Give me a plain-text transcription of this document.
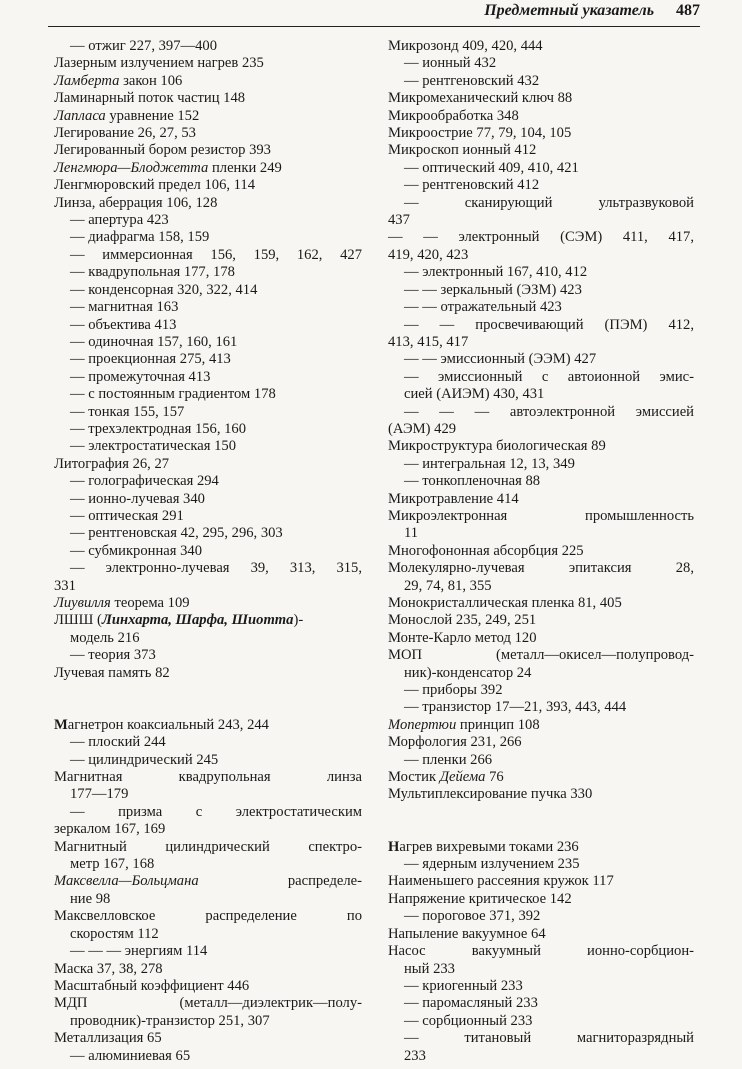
Предметный указатель 487
— отжиг 227, 397—400
Лазерным излучением нагрев 235
Ламберта закон 106
Ламинарный поток частиц 148
Лапласа уравнение 152
Легирование 26, 27, 53
Легированный бором резистор 393
Ленгмюра—Блоджетта пленки 249
Ленгмюровский предел 106, 114
Линза, аберрация 106, 128
— апертура 423
— диафрагма 158, 159
— иммерсионная 156, 159, 162, 427
— квадрупольная 177, 178
— конденсорная 320, 322, 414
— магнитная 163
— объектива 413
— одиночная 157, 160, 161
— проекционная 275, 413
— промежуточная 413
— с постоянным градиентом 178
— тонкая 155, 157
— трехэлектродная 156, 160
— электростатическая 150
Литография 26, 27
— голографическая 294
— ионно-лучевая 340
— оптическая 291
— рентгеновская 42, 295, 296, 303
— субмикронная 340
— электронно-лучевая 39, 313, 315,
331
Лиувилля теорема 109
ЛШШ (Линхарта, Шарфа, Шиотта)-
модель 216
— теория 373
Лучевая память 82
Магнетрон коаксиальный 243, 244
— плоский 244
— цилиндрический 245
Магнитная квадрупольная линза
177—179
— призма с электростатическим
зеркалом 167, 169
Магнитный цилиндрический спектро-
метр 167, 168
Максвелла—Больцмана распределе-
ние 98
Максвелловское распределение по
скоростям 112
— — — энергиям 114
Маска 37, 38, 278
Масштабный коэффициент 446
МДП (металл—диэлектрик—полу-
проводник)-транзистор 251, 307
Металлизация 65
— алюминиевая 65
Микрозонд 409, 420, 444
— ионный 432
— рентгеновский 432
Микромеханический ключ 88
Микрообработка 348
Микроострие 77, 79, 104, 105
Микроскоп ионный 412
— оптический 409, 410, 421
— рентгеновский 412
— сканирующий ультразвуковой
437
— — электронный (СЭМ) 411, 417,
419, 420, 423
— электронный 167, 410, 412
— — зеркальный (ЭЗМ) 423
— — отражательный 423
— — просвечивающий (ПЭМ) 412,
413, 415, 417
— — эмиссионный (ЭЭМ) 427
— эмиссионный с автоионной эмис-
сией (АИЭМ) 430, 431
— — — автоэлектронной эмиссией
(АЭМ) 429
Микроструктура биологическая 89
— интегральная 12, 13, 349
— тонкопленочная 88
Микротравление 414
Микроэлектронная промышленность
11
Многофононная абсорбция 225
Молекулярно-лучевая эпитаксия 28,
29, 74, 81, 355
Монокристаллическая пленка 81, 405
Монослой 235, 249, 251
Монте-Карло метод 120
МОП (металл—окисел—полупровод-
ник)-конденсатор 24
— приборы 392
— транзистор 17—21, 393, 443, 444
Мопертюи принцип 108
Морфология 231, 266
— пленки 266
Мостик Дейема 76
Мультиплексирование пучка 330
Нагрев вихревыми токами 236
— ядерным излучением 235
Наименьшего рассеяния кружок 117
Напряжение критическое 142
— пороговое 371, 392
Напыление вакуумное 64
Насос вакуумный ионно-сорбцион-
ный 233
— криогенный 233
— паромасляный 233
— сорбционный 233
— титановый магниторазрядный
233
